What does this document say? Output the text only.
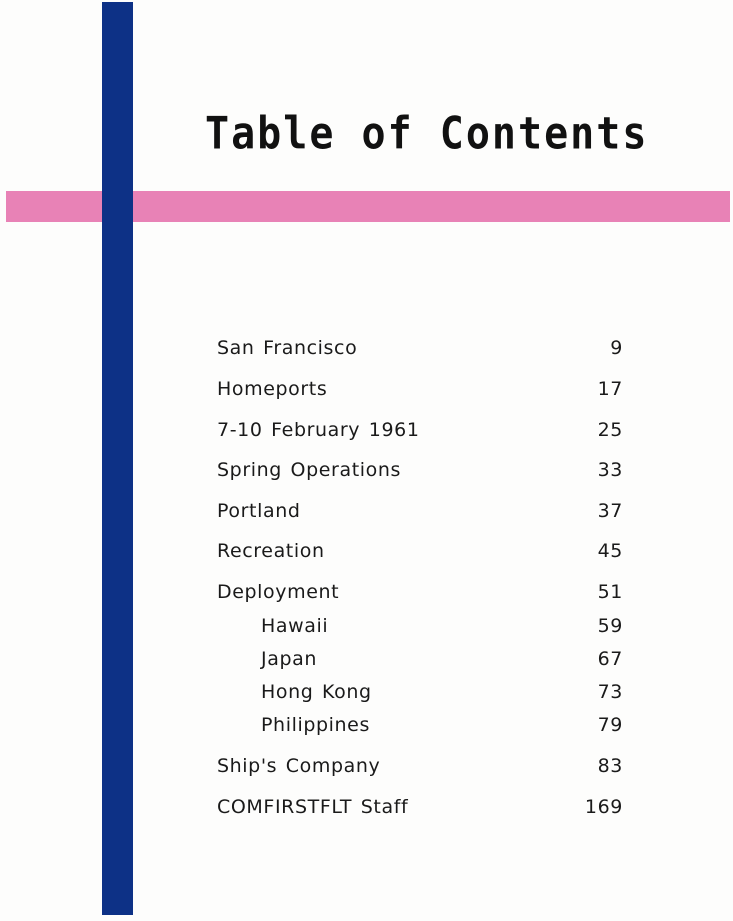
Table of Contents
San Francisco	9
Homeports	17
7-10 February 1961	25
Spring Operations	33
Portland	37
Recreation	45
Deployment	51
Hawaii	59
Japan	67
Hong Kong	73
Philippines	79
Ship's Company	83
COMFIRSTFLT Staff	169
